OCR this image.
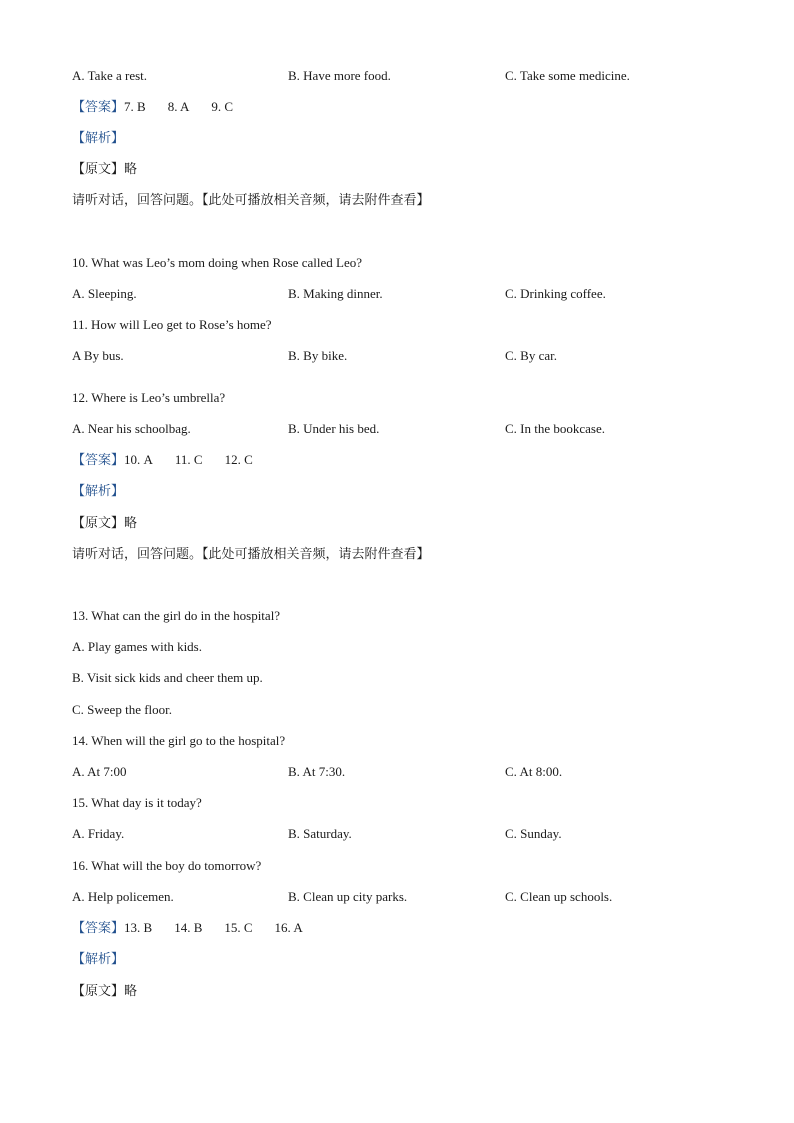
A. Take a rest.	B. Have more food.	C. Take some medicine.
【答案】7. B 8. A 9. C
【解析】
【原文】略
请听对话，回答问题。【此处可播放相关音频，请去附件查看】
10. What was Leo’s mom doing when Rose called Leo?
A. Sleeping.	B. Making dinner.	C. Drinking coffee.
11. How will Leo get to Rose’s home?
A By bus.	B. By bike.	C. By car.
12. Where is Leo’s umbrella?
A. Near his schoolbag.	B. Under his bed.	C. In the bookcase.
【答案】10. A 11. C 12. C
【解析】
【原文】略
请听对话，回答问题。【此处可播放相关音频，请去附件查看】
13. What can the girl do in the hospital?
A. Play games with kids.
B. Visit sick kids and cheer them up.
C. Sweep the floor.
14. When will the girl go to the hospital?
A. At 7:00	B. At 7:30.	C. At 8:00.
15. What day is it today?
A. Friday.	B. Saturday.	C. Sunday.
16. What will the boy do tomorrow?
A. Help policemen.	B. Clean up city parks.	C. Clean up schools.
【答案】13. B 14. B 15. C 16. A
【解析】
【原文】略
